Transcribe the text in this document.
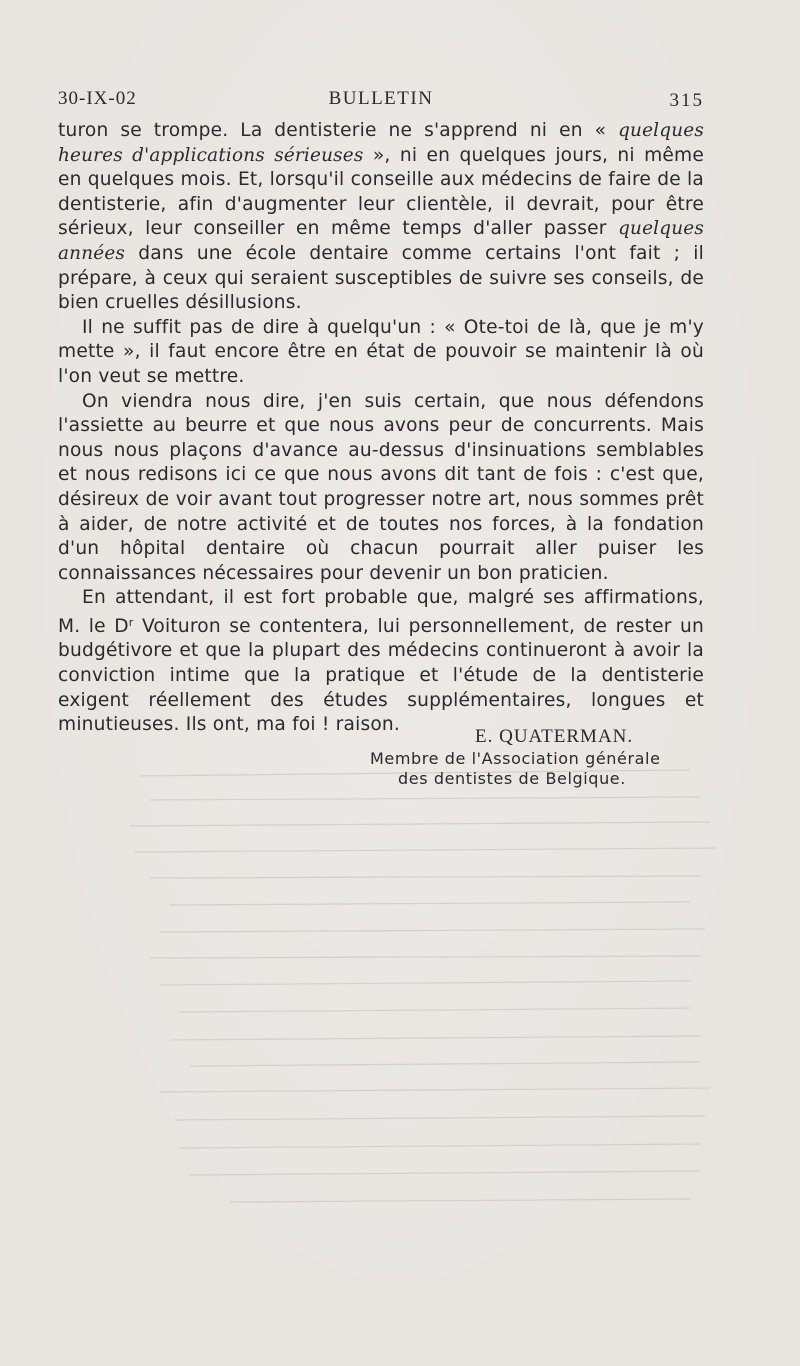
30-IX-02	BULLETIN	315

turon se trompe. La dentisterie ne s'apprend ni en « quelques heures d'applications sérieuses », ni en quelques jours, ni même en quelques mois. Et, lorsqu'il conseille aux médecins de faire de la dentisterie, afin d'augmenter leur clientèle, il devrait, pour être sérieux, leur conseiller en même temps d'aller passer quelques années dans une école dentaire comme certains l'ont fait ; il prépare, à ceux qui seraient susceptibles de suivre ses conseils, de bien cruelles désillusions.

Il ne suffit pas de dire à quelqu'un : « Ote-toi de là, que je m'y mette », il faut encore être en état de pouvoir se maintenir là où l'on veut se mettre.

On viendra nous dire, j'en suis certain, que nous défendons l'assiette au beurre et que nous avons peur de concurrents. Mais nous nous plaçons d'avance au-dessus d'insinuations semblables et nous redisons ici ce que nous avons dit tant de fois : c'est que, désireux de voir avant tout progresser notre art, nous sommes prêt à aider, de notre activité et de toutes nos forces, à la fondation d'un hôpital dentaire où chacun pourrait aller puiser les connaissances nécessaires pour devenir un bon praticien.

En attendant, il est fort probable que, malgré ses affirmations, M. le $D^r$ Voituron se contentera, lui personnellement, de rester un budgétivore et que la plupart des médecins continueront à avoir la conviction intime que la pratique et l'étude de la dentisterie exigent réellement des études supplémentaires, longues et minutieuses. Ils ont, ma foi ! raison.

E. QUATERMAN.
Membre de l'Association générale
des dentistes de Belgique.
